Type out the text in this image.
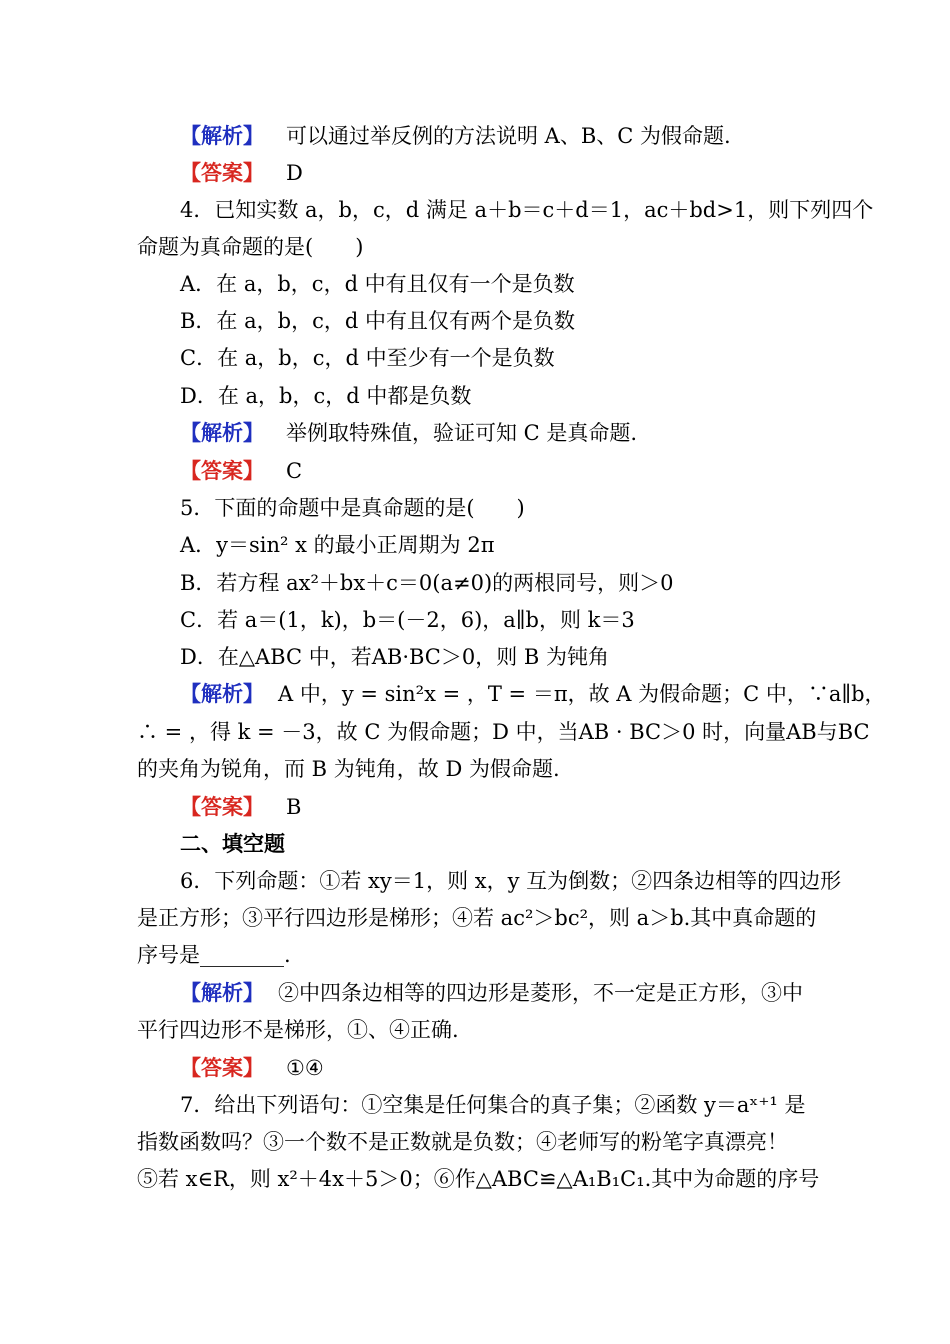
【解析】 可以通过举反例的方法说明 A、B、C 为假命题.
【答案】 D
4．已知实数 a，b，c，d 满足 a＋b＝c＋d＝1，ac＋bd>1，则下列四个
命题为真命题的是(　　)
A．在 a，b，c，d 中有且仅有一个是负数
B．在 a，b，c，d 中有且仅有两个是负数
C．在 a，b，c，d 中至少有一个是负数
D．在 a，b，c，d 中都是负数
【解析】 举例取特殊值，验证可知 C 是真命题.
【答案】 C
5．下面的命题中是真命题的是(　　)
A．y＝sin² x 的最小正周期为 2π
B．若方程 ax²＋bx＋c＝0(a≠0)的两根同号，则＞0
C．若 a＝(1，k)，b＝(－2，6)，a∥b，则 k＝3
D．在△ABC 中，若AB·BC＞0，则 B 为钝角
【解析】 A 中，y = sin²x = ，T = ＝π，故 A 为假命题；C 中，∵a∥b，
∴ = ，得 k = －3，故 C 为假命题；D 中，当AB · BC＞0 时，向量AB与BC
的夹角为锐角，而 B 为钝角，故 D 为假命题.
【答案】 B
二、填空题
6．下列命题：①若 xy＝1，则 x，y 互为倒数；②四条边相等的四边形
是正方形；③平行四边形是梯形；④若 ac²＞bc²，则 a＞b.其中真命题的
序号是________.
【解析】 ②中四条边相等的四边形是菱形，不一定是正方形，③中
平行四边形不是梯形，①、④正确.
【答案】 ①④
7．给出下列语句：①空集是任何集合的真子集；②函数 y＝aˣ⁺¹ 是
指数函数吗？③一个数不是正数就是负数；④老师写的粉笔字真漂亮！
⑤若 x∈R，则 x²＋4x＋5＞0；⑥作△ABC≌△A₁B₁C₁.其中为命题的序号
